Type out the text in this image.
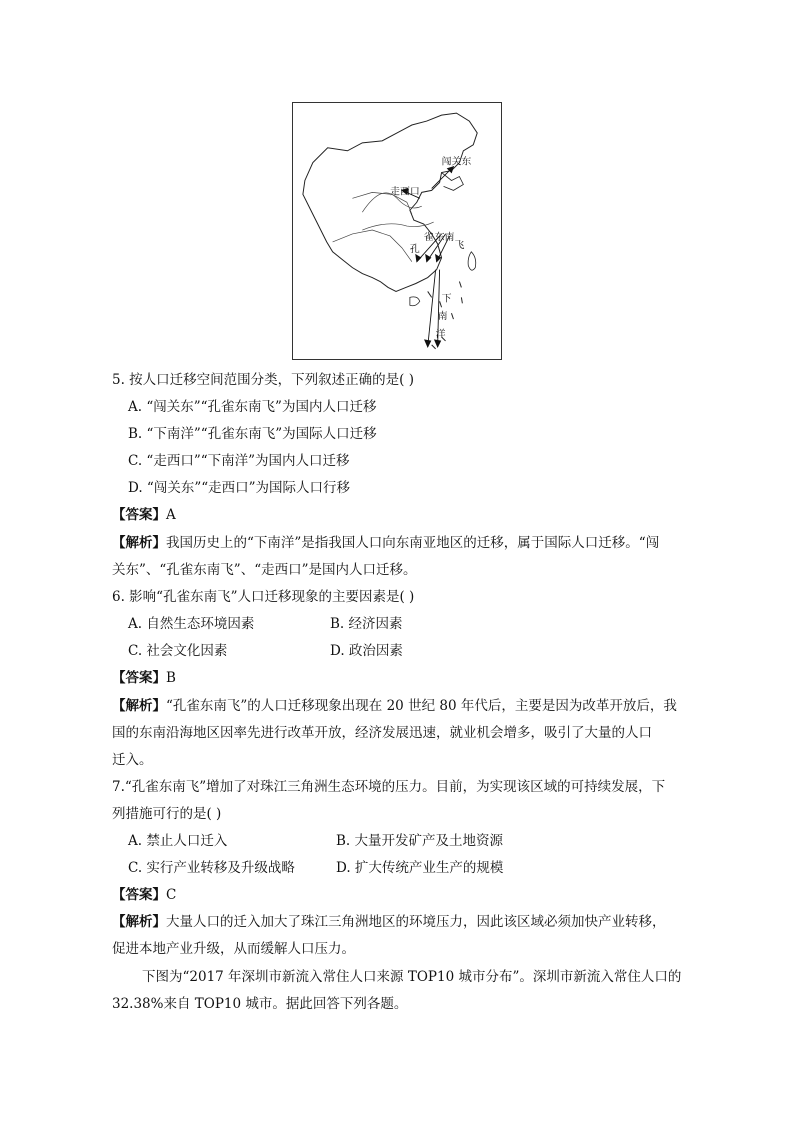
闯关东
走西口
孔
雀 东 南
飞
下
南
洋
5. 按人口迁移空间范围分类，下列叙述正确的是( )
A. “闯关东”“孔雀东南飞”为国内人口迁移
B. “下南洋”“孔雀东南飞”为国际人口迁移
C. “走西口”“下南洋”为国内人口迁移
D. “闯关东”“走西口”为国际人口行移
【答案】A
【解析】我国历史上的“下南洋”是指我国人口向东南亚地区的迁移，属于国际人口迁移。“闯
关东”、“孔雀东南飞”、“走西口”是国内人口迁移。
6. 影响“孔雀东南飞”人口迁移现象的主要因素是( )
A. 自然生态环境因素	B. 经济因素
C. 社会文化因素	D. 政治因素
【答案】B
【解析】“孔雀东南飞”的人口迁移现象出现在 20 世纪 80 年代后，主要是因为改革开放后，我
国的东南沿海地区因率先进行改革开放，经济发展迅速，就业机会增多，吸引了大量的人口
迁入。
7.“孔雀东南飞”增加了对珠江三角洲生态环境的压力。目前，为实现该区域的可持续发展，下
列措施可行的是( )
A. 禁止人口迁入	B. 大量开发矿产及土地资源
C. 实行产业转移及升级战略	D. 扩大传统产业生产的规模
【答案】C
【解析】大量人口的迁入加大了珠江三角洲地区的环境压力，因此该区域必须加快产业转移，
促进本地产业升级，从而缓解人口压力。
下图为“2017 年深圳市新流入常住人口来源 TOP10 城市分布”。深圳市新流入常住人口的
32.38%来自 TOP10 城市。据此回答下列各题。
